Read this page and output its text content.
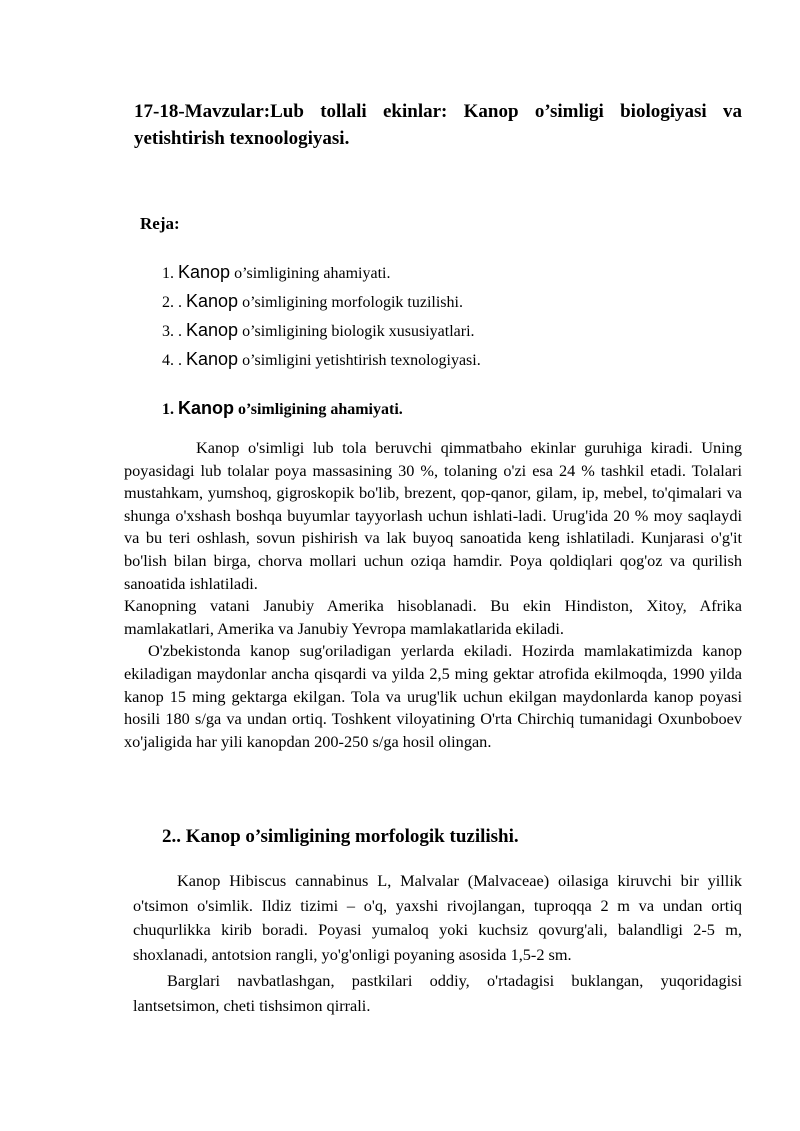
17-18-Mavzular:Lub tollali ekinlar: Kanop o’simligi biologiyasi va yetishtirish texnoologiyasi.
Reja:
1. Kanop o’simligining ahamiyati.
2. . Kanop o’simligining morfologik tuzilishi.
3. . Kanop o’simligining biologik xususiyatlari.
4. . Kanop o’simligini yetishtirish texnologiyasi.
1. Kanop o’simligining ahamiyati.

Kanop o'simligi lub tola beruvchi qimmatbaho ekinlar guruhiga kiradi. Uning poyasidagi lub tolalar poya massasining 30 %, tolaning o'zi esa 24 % tashkil etadi. Tolalari mustahkam, yumshoq, gigroskopik bo'lib, brezent, qop-qanor, gilam, ip, mebel, to'qimalari va shunga o'xshash boshqa buyumlar tayyorlash uchun ishlati-ladi. Urug'ida 20 % moy saqlaydi va bu teri oshlash, sovun pishirish va lak buyoq sanoatida keng ishlatiladi. Kunjarasi o'g'it bo'lish bilan birga, chorva mollari uchun oziqa hamdir. Poya qoldiqlari qog'oz va qurilish sanoatida ishlatiladi.

Kanopning vatani Janubiy Amerika hisoblanadi. Bu ekin Hindiston, Xitoy, Afrika mamlakatlari, Amerika va Janubiy Yevropa mamlakatlarida ekiladi.

O'zbekistonda kanop sug'oriladigan yerlarda ekiladi. Hozirda mamlakatimizda kanop ekiladigan maydonlar ancha qisqardi va yilda 2,5 ming gektar atrofida ekilmoqda, 1990 yilda kanop 15 ming gektarga ekilgan. Tola va urug'lik uchun ekilgan maydonlarda kanop poyasi hosili 180 s/ga va undan ortiq. Toshkent viloyatining O'rta Chirchiq tumanidagi Oxunboboev xo'jaligida har yili kanopdan 200-250 s/ga hosil olingan.

2.. Kanop o’simligining morfologik tuzilishi.

Kanop Hibiscus cannabinus L, Malvalar (Malvaceae) oilasiga kiruvchi bir yillik o'tsimon o'simlik. Ildiz tizimi – o'q, yaxshi rivojlangan, tuproqqa 2 m va undan ortiq chuqurlikka kirib boradi. Poyasi yumaloq yoki kuchsiz qovurg'ali, balandligi 2-5 m, shoxlanadi, antotsion rangli, yo'g'onligi poyaning asosida 1,5-2 sm.

Barglari navbatlashgan, pastkilari oddiy, o'rtadagisi buklangan, yuqoridagisi lantsetsimon, cheti tishsimon qirrali.
